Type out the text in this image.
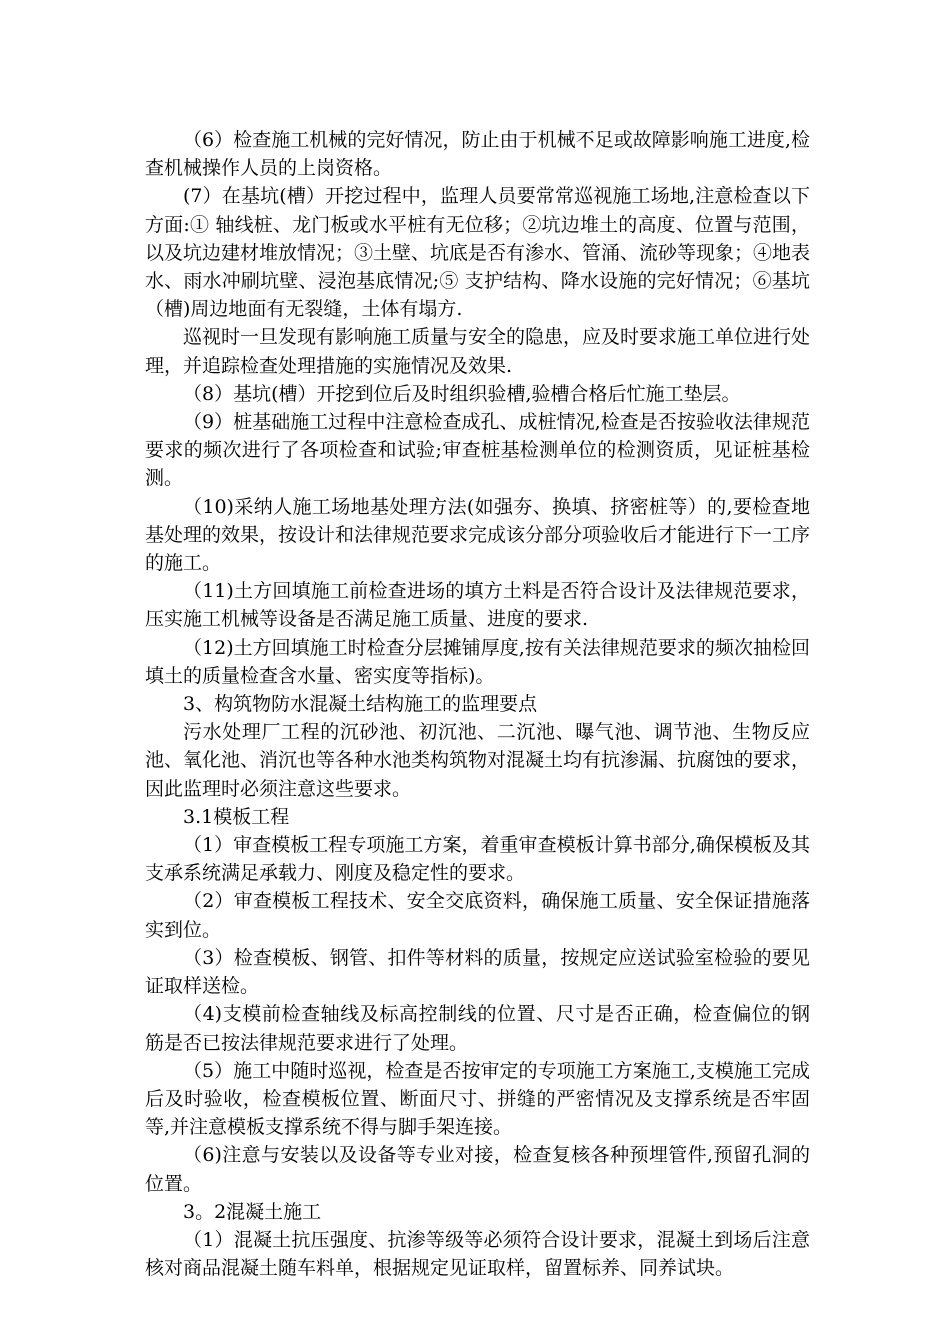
（6）检查施工机械的完好情况，防止由于机械不足或故障影响施工进度,检查机械操作人员的上岗资格。

(7）在基坑(槽）开挖过程中，监理人员要常常巡视施工场地,注意检查以下方面:① 轴线桩、龙门板或水平桩有无位移；②坑边堆土的高度、位置与范围，以及坑边建材堆放情况；③土壁、坑底是否有渗水、管涌、流砂等现象；④地表水、雨水冲刷坑壁、浸泡基底情况;⑤ 支护结构、降水设施的完好情况；⑥基坑（槽)周边地面有无裂缝，土体有塌方.

巡视时一旦发现有影响施工质量与安全的隐患，应及时要求施工单位进行处理，并追踪检查处理措施的实施情况及效果.

（8）基坑(槽）开挖到位后及时组织验槽,验槽合格后忙施工垫层。

（9）桩基础施工过程中注意检查成孔、成桩情况,检查是否按验收法律规范要求的频次进行了各项检查和试验;审查桩基检测单位的检测资质，见证桩基检测。

（10)采纳人施工场地基处理方法(如强夯、换填、挤密桩等）的,要检查地基处理的效果，按设计和法律规范要求完成该分部分项验收后才能进行下一工序的施工。

（11)土方回填施工前检查进场的填方土料是否符合设计及法律规范要求，压实施工机械等设备是否满足施工质量、进度的要求.

（12)土方回填施工时检查分层摊铺厚度,按有关法律规范要求的频次抽检回填土的质量检查含水量、密实度等指标)。

3、构筑物防水混凝土结构施工的监理要点

污水处理厂工程的沉砂池、初沉池、二沉池、曝气池、调节池、生物反应池、氧化池、消沉也等各种水池类构筑物对混凝土均有抗渗漏、抗腐蚀的要求，因此监理时必须注意这些要求。

3.1模板工程

（1）审查模板工程专项施工方案，着重审查模板计算书部分,确保模板及其支承系统满足承载力、刚度及稳定性的要求。

（2）审查模板工程技术、安全交底资料，确保施工质量、安全保证措施落实到位。

（3）检查模板、钢管、扣件等材料的质量，按规定应送试验室检验的要见证取样送检。

（4)支模前检查轴线及标高控制线的位置、尺寸是否正确，检查偏位的钢筋是否已按法律规范要求进行了处理。

（5）施工中随时巡视，检查是否按审定的专项施工方案施工,支模施工完成后及时验收，检查模板位置、断面尺寸、拼缝的严密情况及支撑系统是否牢固等,并注意模板支撑系统不得与脚手架连接。

（6)注意与安装以及设备等专业对接，检查复核各种预埋管件,预留孔洞的位置。

3。2混凝土施工

（1）混凝土抗压强度、抗渗等级等必须符合设计要求，混凝土到场后注意核对商品混凝土随车料单，根据规定见证取样，留置标养、同养试块。
